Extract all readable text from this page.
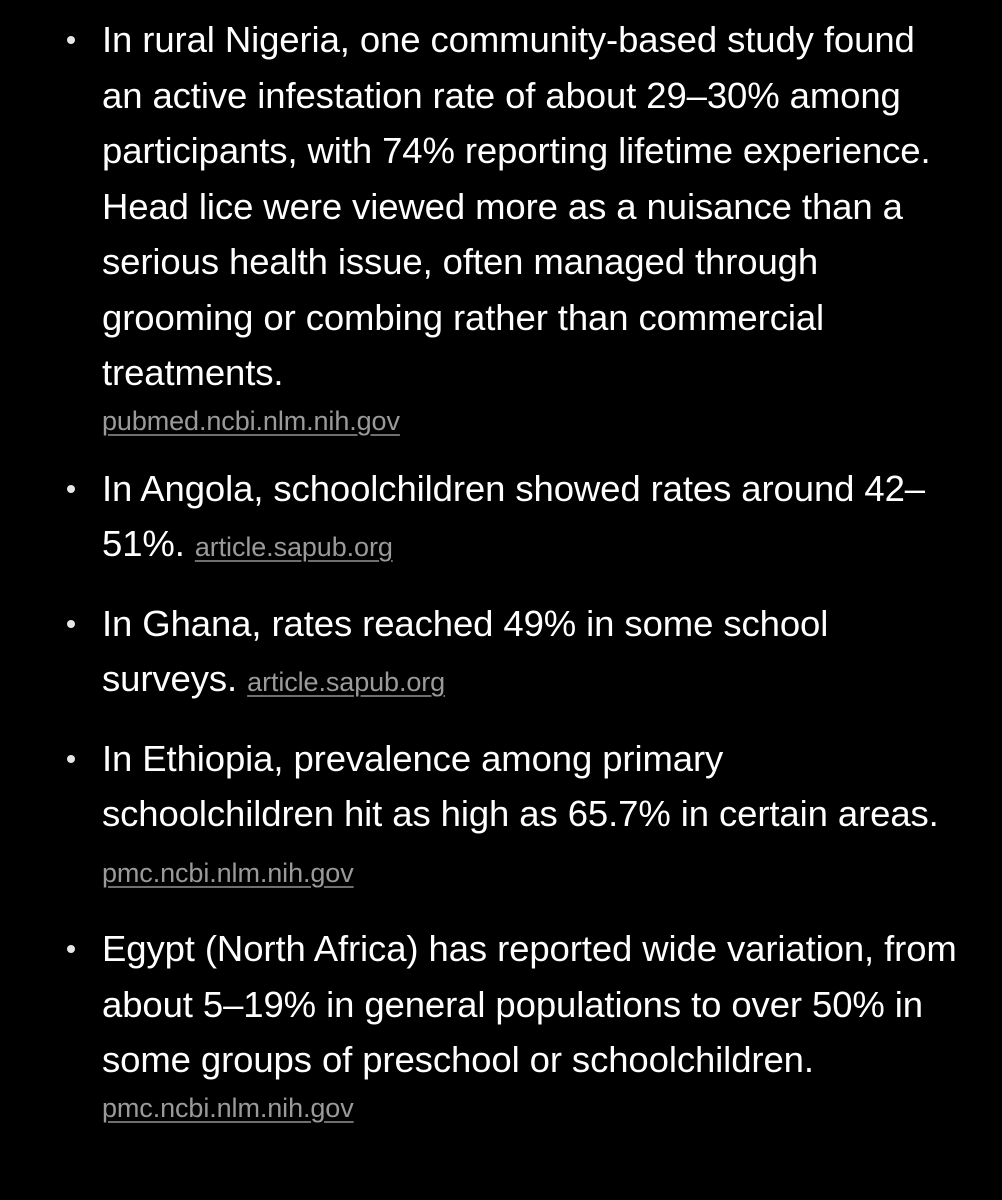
In rural Nigeria, one community-based study found an active infestation rate of about 29–30% among participants, with 74% reporting lifetime experience. Head lice were viewed more as a nuisance than a serious health issue, often managed through grooming or combing rather than commercial treatments.
pubmed.ncbi.nlm.nih.gov
In Angola, schoolchildren showed rates around 42–51%. article.sapub.org
In Ghana, rates reached 49% in some school surveys. article.sapub.org
In Ethiopia, prevalence among primary schoolchildren hit as high as 65.7% in certain areas. pmc.ncbi.nlm.nih.gov
Egypt (North Africa) has reported wide variation, from about 5–19% in general populations to over 50% in some groups of preschool or schoolchildren.
pmc.ncbi.nlm.nih.gov
